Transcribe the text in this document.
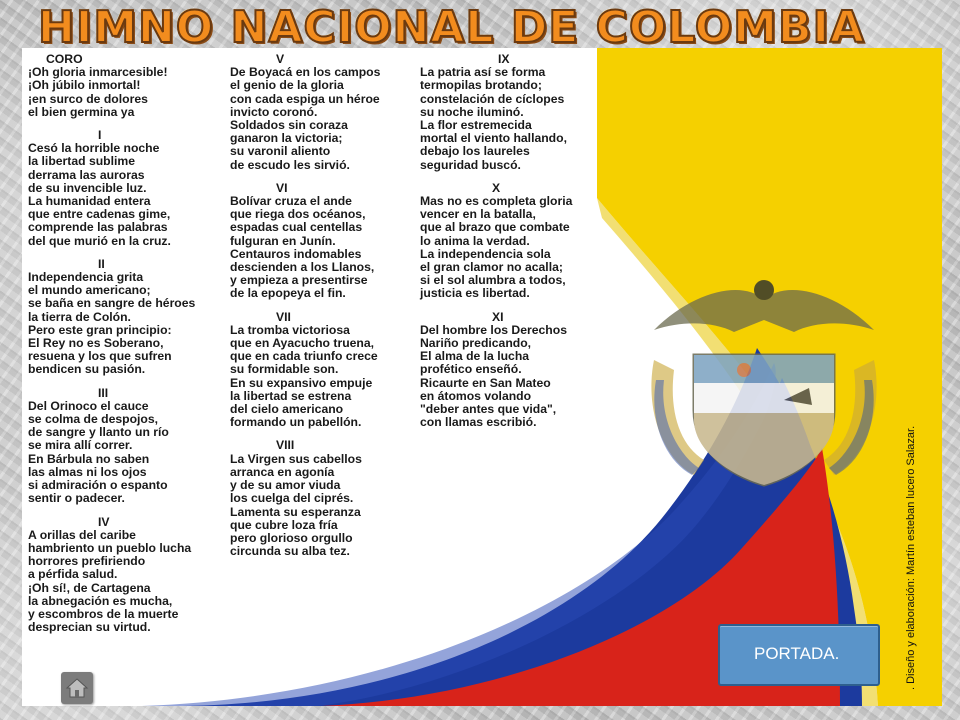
HIMNO NACIONAL DE COLOMBIA
CORO
¡Oh gloria inmarcesible!
¡Oh júbilo inmortal!
¡en surco de dolores
el bien germina ya
I
Cesó la horrible noche
la libertad sublime
derrama las auroras
de su invencible luz.
La humanidad entera
que entre cadenas gime,
comprende las palabras
del que murió en la cruz.
II
Independencia grita
el mundo americano;
se baña en sangre de héroes
la tierra de Colón.
Pero este gran principio:
El Rey no es Soberano,
resuena y los que sufren
bendicen su pasión.
III
Del Orinoco el cauce
se colma de despojos,
de sangre y llanto un río
se mira allí correr.
En Bárbula no saben
las almas ni los ojos
si admiración o espanto
sentir o padecer.
IV
A orillas del caribe
hambriento un pueblo lucha
horrores prefiriendo
a pérfida salud.
¡Oh sí!, de Cartagena
la abnegación es mucha,
y escombros de la muerte
desprecian su virtud.
V
De Boyacá en los campos
el genio de la gloria
con cada espiga un héroe
invicto coronó.
Soldados sin coraza
ganaron la victoria;
su varonil aliento
de escudo les sirvió.
VI
Bolívar cruza el ande
que riega dos océanos,
espadas cual centellas
fulguran en Junín.
Centauros indomables
descienden a los Llanos,
y empieza a presentirse
de la epopeya el fin.
VII
La tromba victoriosa
que en Ayacucho truena,
que en cada triunfo crece
su formidable son.
En su expansivo empuje
la libertad se estrena
del cielo americano
formando un pabellón.
VIII
La Virgen sus cabellos
arranca en agonía
y de su amor viuda
los cuelga del ciprés.
Lamenta su esperanza
que cubre loza fría
pero glorioso orgullo
circunda su alba tez.
IX
La patria así se forma
termopilas brotando;
constelación de cíclopes
su noche iluminó.
La flor estremecida
mortal el viento hallando,
debajo los laureles
seguridad buscó.
X
Mas no es completa gloria
vencer en la batalla,
que al brazo que combate
lo anima la verdad.
La independencia sola
el gran clamor no acalla;
si el sol alumbra a todos,
justicia es libertad.
XI
Del hombre los Derechos
Nariño predicando,
El alma de la lucha
profético enseñó.
Ricaurte en San Mateo
en átomos volando
"deber antes que vida",
con llamas escribió.
. Diseño y elaboración: Martín esteban lucero Salazar.
PORTADA.
